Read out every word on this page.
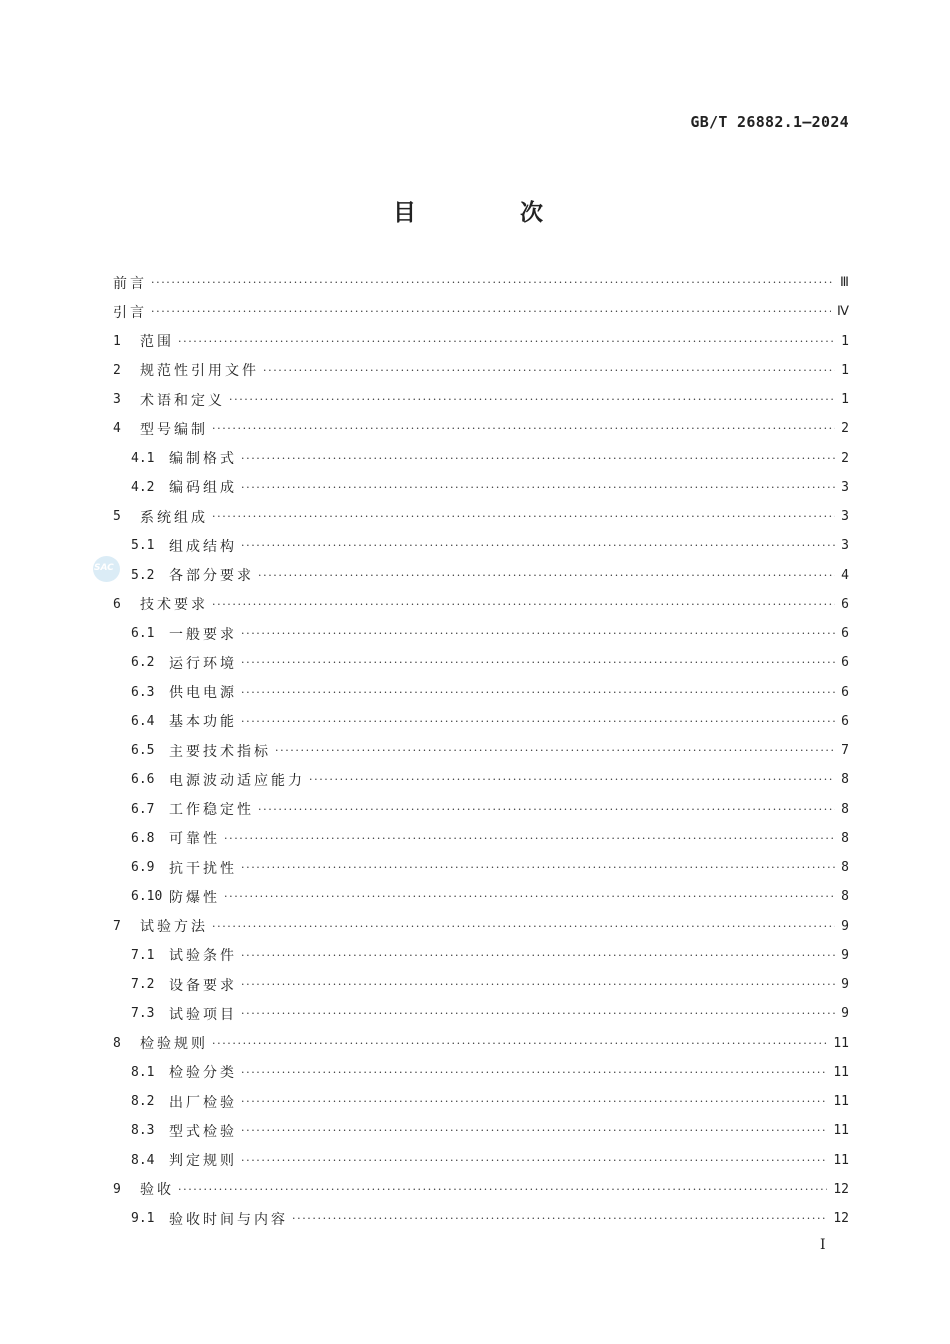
GB/T 26882.1—2024
目 次
SAC
前言 ·····	Ⅲ
引言 ·····	Ⅳ
1	范围 ·····	1
2	规范性引用文件 ·····	1
3	术语和定义 ·····	1
4	型号编制 ·····	2
4.1	编制格式 ·····	2
4.2	编码组成 ·····	3
5	系统组成 ·····	3
5.1	组成结构 ·····	3
5.2	各部分要求 ·····	4
6	技术要求 ·····	6
6.1	一般要求 ·····	6
6.2	运行环境 ·····	6
6.3	供电电源 ·····	6
6.4	基本功能 ·····	6
6.5	主要技术指标 ·····	7
6.6	电源波动适应能力 ·····	8
6.7	工作稳定性 ·····	8
6.8	可靠性 ·····	8
6.9	抗干扰性 ·····	8
6.10 防爆性 ·····	8
7	试验方法 ·····	9
7.1	试验条件 ·····	9
7.2	设备要求 ·····	9
7.3	试验项目 ·····	9
8	检验规则 ·····	11
8.1	检验分类 ·····	11
8.2	出厂检验 ·····	11
8.3	型式检验 ·····	11
8.4	判定规则 ·····	11
9	验收 ·····	12
9.1	验收时间与内容 ·····	12
I
